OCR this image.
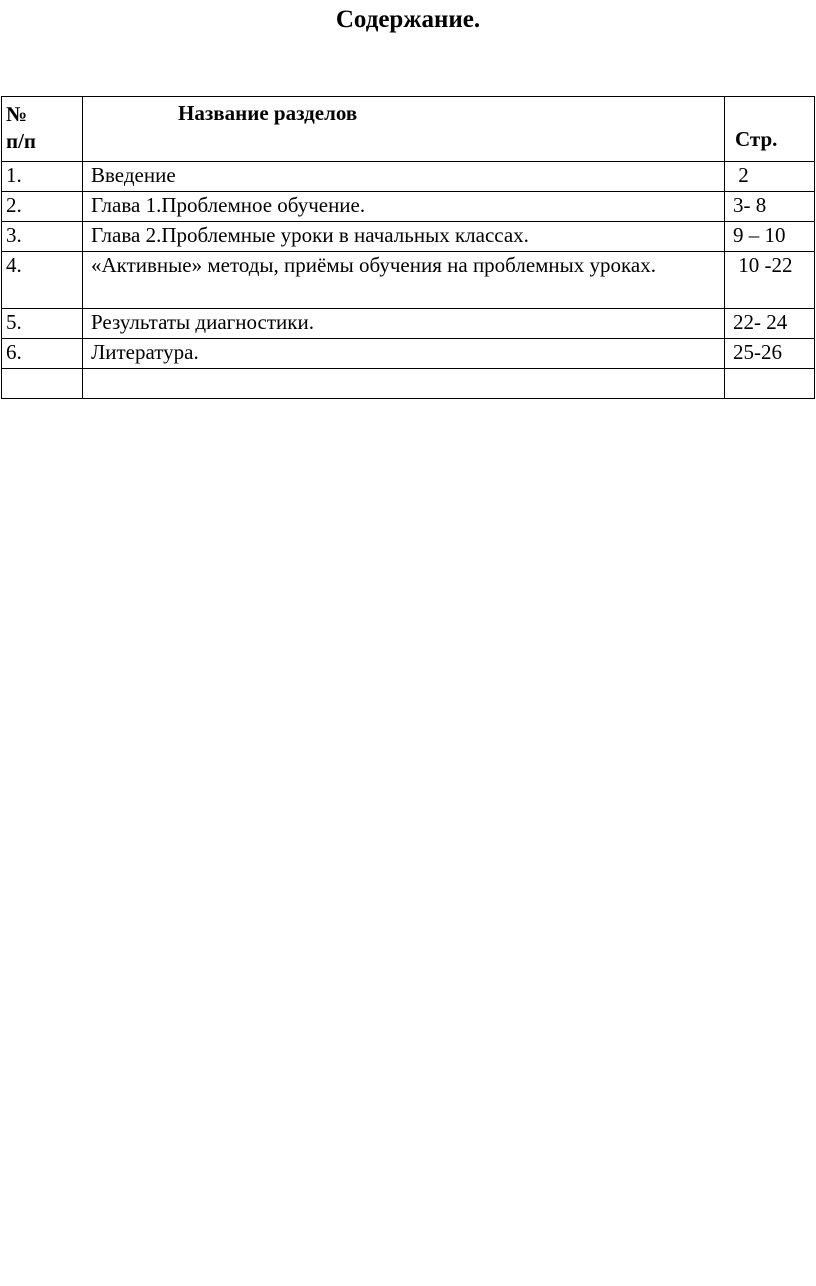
Содержание.
№
п/п	Название разделов	Стр.

1.	Введение	2
2.	Глава 1.Проблемное обучение.	3- 8
3.	Глава 2.Проблемные уроки в начальных классах.	9 – 10
4.	«Активные» методы, приёмы обучения на проблемных уроках.	10 -22
5.	Результаты диагностики.	22- 24
6.	Литература.	25-26
